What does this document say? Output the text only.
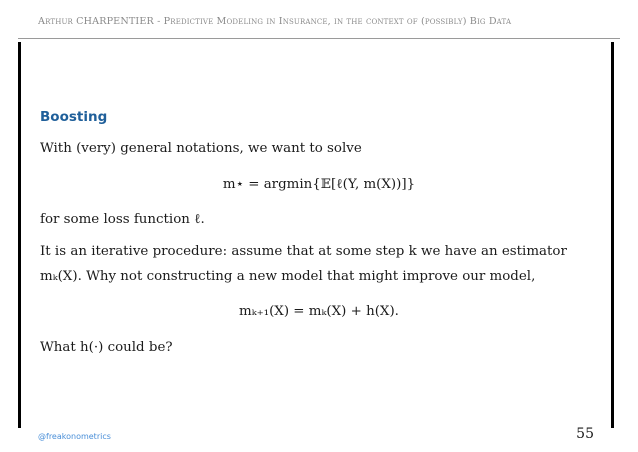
Arthur CHARPENTIER - Predictive Modeling in Insurance, in the context of (possibly) Big Data
Boosting
With (very) general notations, we want to solve
m⋆ = argmin{𝔼[ℓ(Y, m(X))]}
for some loss function ℓ.
It is an iterative procedure: assume that at some step k we have an estimator
mₖ(X). Why not constructing a new model that might improve our model,
mₖ₊₁(X) = mₖ(X) + h(X).
What h(·) could be?
@freakonometrics	55
